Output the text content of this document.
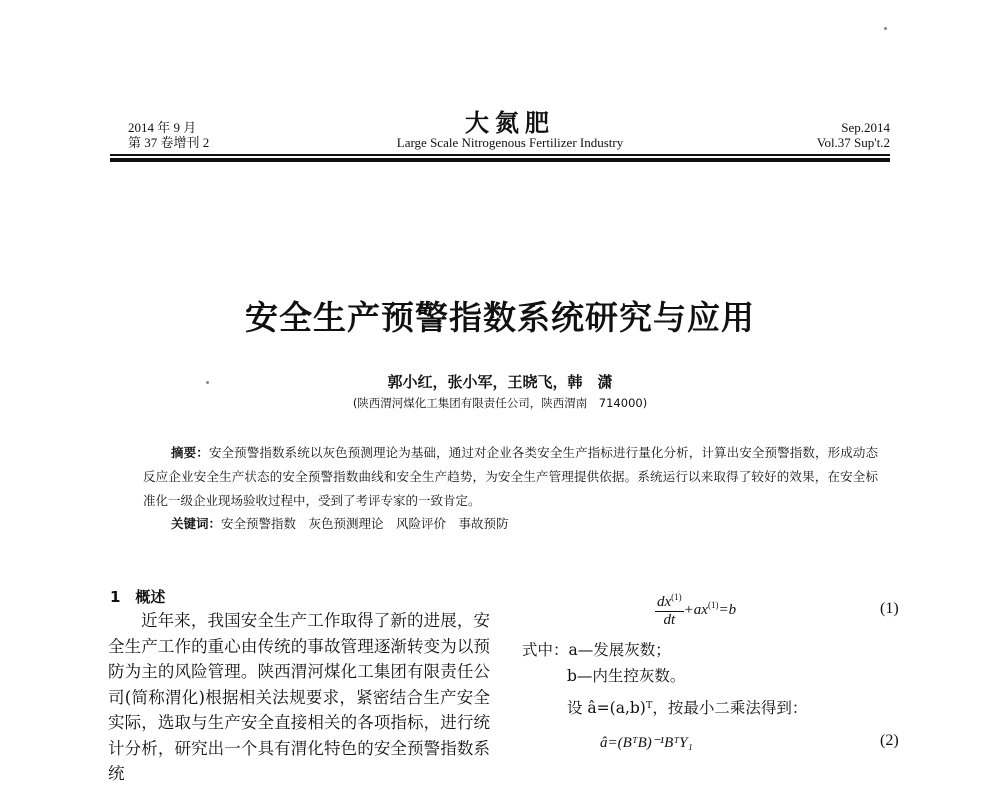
2014 年 9 月
第 37 卷增刊 2
大氮肥
Large Scale Nitrogenous Fertilizer Industry
Sep.2014
Vol.37 Sup't.2
安全生产预警指数系统研究与应用
郭小红，张小军，王晓飞，韩　潇
(陕西渭河煤化工集团有限责任公司，陕西渭南　714000)
摘要：安全预警指数系统以灰色预测理论为基础，通过对企业各类安全生产指标进行量化分析，计算出安全预警指数，形成动态反应企业安全生产状态的安全预警指数曲线和安全生产趋势，为安全生产管理提供依据。系统运行以来取得了较好的效果，在安全标准化一级企业现场验收过程中，受到了考评专家的一致肯定。
关键词：安全预警指数　灰色预测理论　风险评价　事故预防
1　概述
近年来，我国安全生产工作取得了新的进展，安全生产工作的重心由传统的事故管理逐渐转变为以预防为主的风险管理。陕西渭河煤化工集团有限责任公司(简称渭化)根据相关法规要求，紧密结合生产安全实际，选取与生产安全直接相关的各项指标，进行统计分析，研究出一个具有渭化特色的安全预警指数系统
$\frac{dx^{(1)}}{dt} +ax^{(1)}=b$	(1)
式中：a—发展灰数；
b—内生控灰数。
设 â=(a,b)ᵀ，按最小二乘法得到：
â=(BᵀB)⁻¹BᵀY₁	(2)
